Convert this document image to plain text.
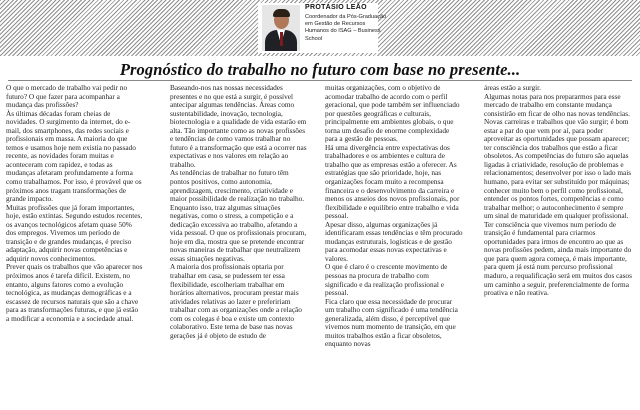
PROTÁSIO LEÃO
Coordenador da Pós-Graduação em Gestão de Recursos Humanos do ISAG – Business School
Prognóstico do trabalho no futuro com base no presente...

O que o mercado de trabalho vai pedir no futuro? O que fazer para acompanhar a mudança das profissões?
Às últimas décadas foram cheias de novidades. O surgimento da internet, do e-mail, dos smartphones, das redes sociais e profissionais em massa. A maioria do que temos e usamos hoje nem existia no passado recente, as novidades foram muitas e aconteceram com rapidez, e todas as mudanças afetaram profundamente a forma como trabalhamos. Por isso, é provável que os próximos anos tragam transformações de grande impacto.
Muitas profissões que já foram importantes, hoje, estão extintas. Segundo estudos recentes, os avanços tecnológicos afetam quase 50% dos empregos. Vivemos um período de transição e de grandes mudanças, é preciso adaptação, adquirir novas competências e adquirir novos conhecimentos.
Prever quais os trabalhos que vão aparecer nos próximos anos é tarefa difícil. Existem, no entanto, alguns fatores como a evolução tecnológica, as mudanças demográficas e a escassez de recursos naturais que são a chave para as transformações futuras, e que já estão a modificar a economia e a sociedade atual.

Baseando-nos nas nossas necessidades presentes e no que está a surgir, é possível antecipar algumas tendências. Áreas como sustentabilidade, inovação, tecnologia, biotecnologia e a qualidade de vida estarão em alta. Tão importante como as novas profissões e tendências de como vamos trabalhar no futuro é a transformação que está a ocorrer nas expectativas e nos valores em relação ao trabalho.
As tendências de trabalhar no futuro têm pontos positivos, como autonomia, aprendizagem, crescimento, criatividade e maior possibilidade de realização no trabalho. Enquanto isso, traz algumas situações negativas, como o stress, a competição e a dedicação excessiva ao trabalho, afetando a vida pessoal. O que os profissionais procuram, hoje em dia, mostra que se pretende encontrar novas maneiras de trabalhar que neutralizem essas situações negativas.
A maioria dos profissionais optaria por trabalhar em casa, se pudessem ter essa flexibilidade, escolheriam trabalhar em horários alternativos, procuram prestar mais atividades relativas ao lazer e prefeririam trabalhar com as organizações onde a relação com os colegas é boa e existe um contexto colaborativo. Este tema de base nas novas gerações já é objeto de estudo de

muitas organizações, com o objetivo de acomodar trabalho de acordo com o perfil geracional, que pode também ser influenciado por questões geográficas e culturais, principalmente em ambientes globais, o que torna um desafio de enorme complexidade para a gestão de pessoas.
Há uma divergência entre expectativas dos trabalhadores e os ambientes e cultura de trabalho que as empresas estão a oferecer. As estratégias que são prioridade, hoje, nas organizações focam muito a recompensa financeira e o desenvolvimento da carreira e menos os anseios dos novos profissionais, por flexibilidade e equilíbrio entre trabalho e vida pessoal.
Apesar disso, algumas organizações já identificaram essas tendências e têm procurado mudanças estruturais, logísticas e de gestão para acomodar essas novas expectativas e valores.
O que é claro é o crescente movimento de pessoas na procura de trabalho com significado e da realização profissional e pessoal.
Fica claro que essa necessidade de procurar um trabalho com significado é uma tendência generalizada, além disso, é perceptível que vivemos num momento de transição, em que muitos trabalhos estão a ficar obsoletos, enquanto novas

áreas estão a surgir.
Algumas notas para nos prepararmos para esse mercado de trabalho em constante mudança consistirão em ficar de olho nas novas tendências. Novas carreiras e trabalhos que vão surgir; é bom estar a par do que vem por aí, para poder aproveitar as oportunidades que possam aparecer; ter consciência dos trabalhos que estão a ficar obsoletos. As competências do futuro são aquelas ligadas à criatividade, resolução de problemas e relacionamentos; desenvolver por isso o lado mais humano, para evitar ser substituído por máquinas; conhecer muito bem o perfil como profissional, entender os pontos fortes, competências e como trabalhar melhor; o autoconhecimento é sempre um sinal de maturidade em qualquer profissional. Ter consciência que vivemos num período de transição é fundamental para criarmos oportunidades para irmos de encontro ao que as novas profissões pedem, ainda mais importante do que para quem agora começa, é mais importante, para quem já está num percurso profissional maduro, a requalificação será em muitos dos casos um caminho a seguir, preferencialmente de forma proativa e não reativa.
